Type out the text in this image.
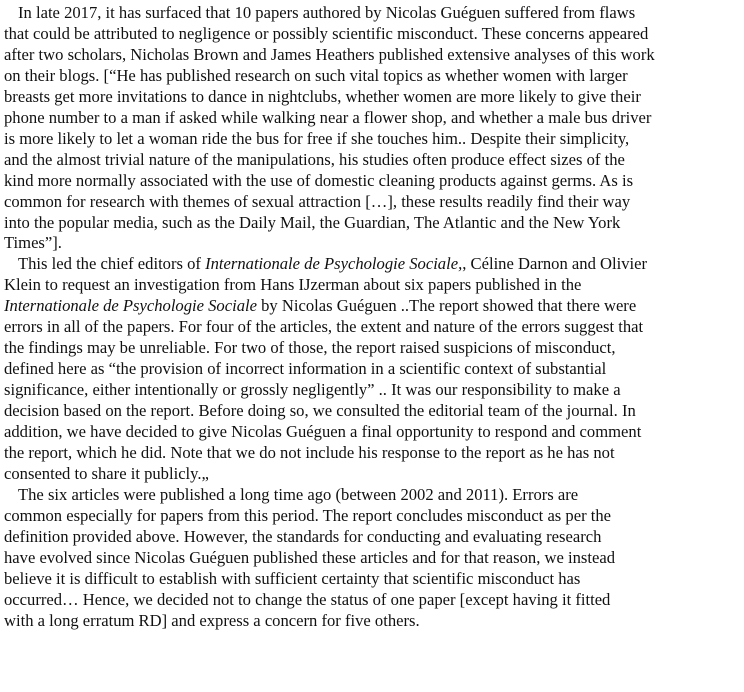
In late 2017, it has surfaced that 10 papers authored by Nicolas Guéguen suffered from flaws
that could be attributed to negligence or possibly scientific misconduct. These concerns appeared
after two scholars, Nicholas Brown and James Heathers published extensive analyses of this work
on their blogs. [“He has published research on such vital topics as whether women with larger
breasts get more invitations to dance in nightclubs, whether women are more likely to give their
phone number to a man if asked while walking near a flower shop, and whether a male bus driver
is more likely to let a woman ride the bus for free if she touches him.. Despite their simplicity,
and the almost trivial nature of the manipulations, his studies often produce effect sizes of the
kind more normally associated with the use of domestic cleaning products against germs. As is
common for research with themes of sexual attraction […], these results readily find their way
into the popular media, such as the Daily Mail, the Guardian, The Atlantic and the New York
Times”].
This led the chief editors of Internationale de Psychologie Sociale,, Céline Darnon and Olivier
Klein to request an investigation from Hans IJzerman about six papers published in the
Internationale de Psychologie Sociale by Nicolas Guéguen ..The report showed that there were
errors in all of the papers. For four of the articles, the extent and nature of the errors suggest that
the findings may be unreliable. For two of those, the report raised suspicions of misconduct,
defined here as “the provision of incorrect information in a scientific context of substantial
significance, either intentionally or grossly negligently” .. It was our responsibility to make a
decision based on the report. Before doing so, we consulted the editorial team of the journal. In
addition, we have decided to give Nicolas Guéguen a final opportunity to respond and comment
the report, which he did. Note that we do not include his response to the report as he has not
consented to share it publicly.„
The six articles were published a long time ago (between 2002 and 2011). Errors are
common especially for papers from this period. The report concludes misconduct as per the
definition provided above. However, the standards for conducting and evaluating research
have evolved since Nicolas Guéguen published these articles and for that reason, we instead
believe it is difficult to establish with sufficient certainty that scientific misconduct has
occurred… Hence, we decided not to change the status of one paper [except having it fitted
with a long erratum RD] and express a concern for five others.
